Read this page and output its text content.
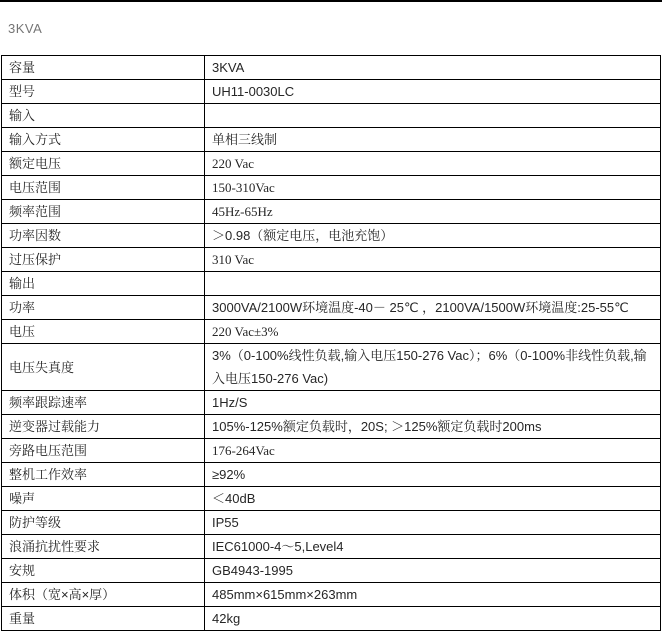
3KVA
容量	3KVA
型号	UH11-0030LC
输入	
输入方式	单相三线制
额定电压	220 Vac
电压范围	150-310Vac
频率范围	45Hz-65Hz
功率因数	＞0.98（额定电压，电池充饱）
过压保护	310 Vac
输出	
功率	3000VA/2100W环境温度-40－ 25℃ ，2100VA/1500W环境温度:25-55℃
电压	220 Vac±3%
电压失真度	3%（0-100%线性负载,输入电压150-276 Vac）；6%（0-100%非线性负载,输入电压150-276 Vac)
频率跟踪速率	1Hz/S
逆变器过载能力	105%-125%额定负载时，20S; ＞125%额定负载时200ms
旁路电压范围	176-264Vac
整机工作效率	≥92%
噪声	＜40dB
防护等级	IP55
浪涌抗扰性要求	IEC61000-4～5,Level4
安规	GB4943-1995
体积（宽×高×厚）	485mm×615mm×263mm
重量	42kg
